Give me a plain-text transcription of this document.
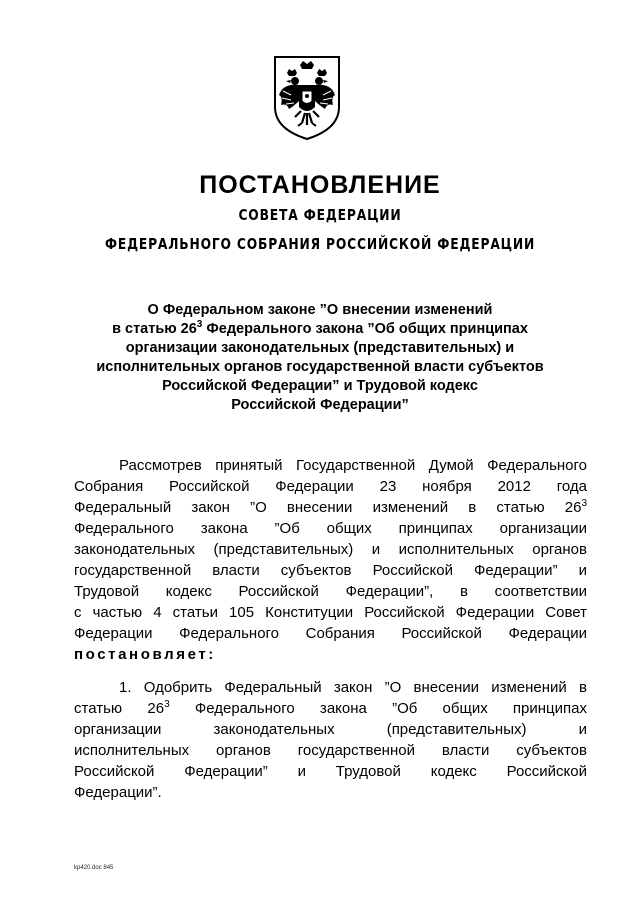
ПОСТАНОВЛЕНИЕ
СОВЕТА ФЕДЕРАЦИИ
ФЕДЕРАЛЬНОГО СОБРАНИЯ РОССИЙСКОЙ ФЕДЕРАЦИИ
О Федеральном законе ”О внесении изменений
в статью $26^3$ Федерального закона ”Об общих принципах
организации законодательных (представительных) и
исполнительных органов государственной власти субъектов
Российской Федерации” и Трудовой кодекс
Российской Федерации”
Рассмотрев принятый Государственной Думой Федерального
Собрания Российской Федерации 23 ноября 2012 года
Федеральный закон ”О внесении изменений в статью $26^3$
Федерального закона ”Об общих принципах организации
законодательных (представительных) и исполнительных органов
государственной власти субъектов Российской Федерации” и
Трудовой кодекс Российской Федерации”, в соответствии
с частью 4 статьи 105 Конституции Российской Федерации Совет
Федерации Федерального Собрания Российской Федерации
постановляет:
1. Одобрить Федеральный закон ”О внесении изменений в
статью $26^3$ Федерального закона ”Об общих принципах
организации законодательных (представительных) и
исполнительных органов государственной власти субъектов
Российской Федерации” и Трудовой кодекс Российской
Федерации”.
kp420.doc 845
